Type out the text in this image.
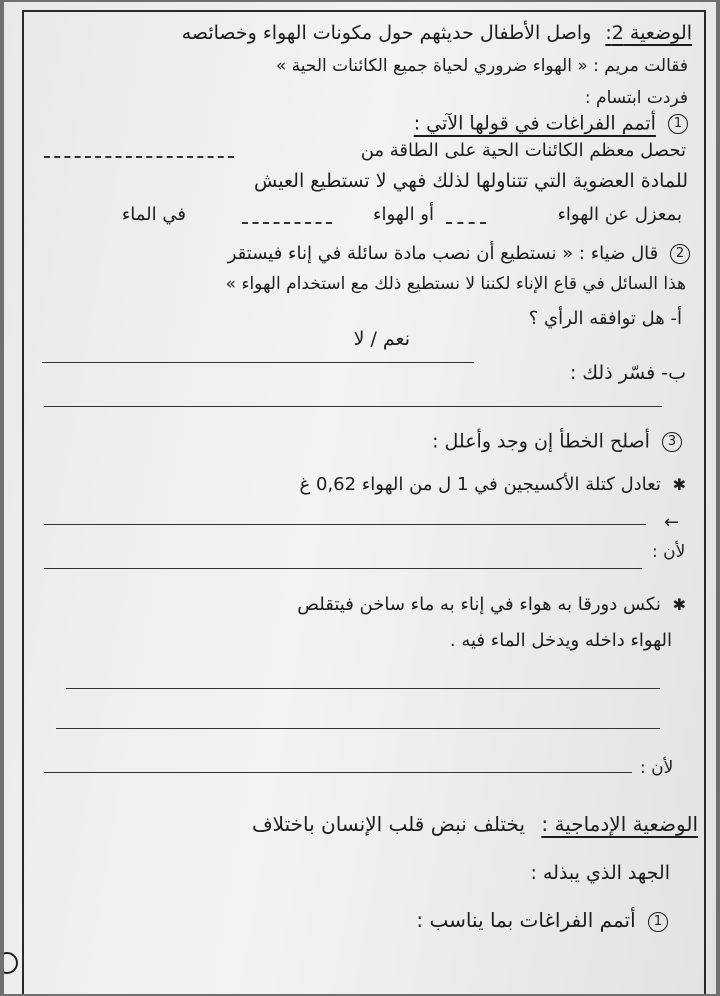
الوضعية 2: واصل الأطفال حديثهم حول مكونات الهواء وخصائصه
فقالت مريم : « الهواء ضروري لحياة جميع الكائنات الحية »
فردت ابتسام :
1 أتمم الفراغات في قولها الآتي :
تحصل معظم الكائنات الحية على الطاقة من
للمادة العضوية التي تتناولها لذلك فهي لا تستطيع العيش
بمعزل عن الهواء
أو الهواء
في الماء
2 قال ضياء : « نستطيع أن نصب مادة سائلة في إناء فيستقر
هذا السائل في قاع الإناء لكننا لا نستطيع ذلك مع استخدام الهواء »
أ- هل توافقه الرأي ؟
نعم / لا
ب- فسّر ذلك :
3 أصلح الخطأ إن وجد وأعلل :
✱ تعادل كتلة الأكسيجين في 1 ل من الهواء 0,62 غ
←
لأن :
✱ نكس دورقا به هواء في إناء به ماء ساخن فيتقلص
الهواء داخله ويدخل الماء فيه .
لأن :
الوضعية الإدماجية : يختلف نبض قلب الإنسان باختلاف
الجهد الذي يبذله :
1 أتمم الفراغات بما يناسب :
